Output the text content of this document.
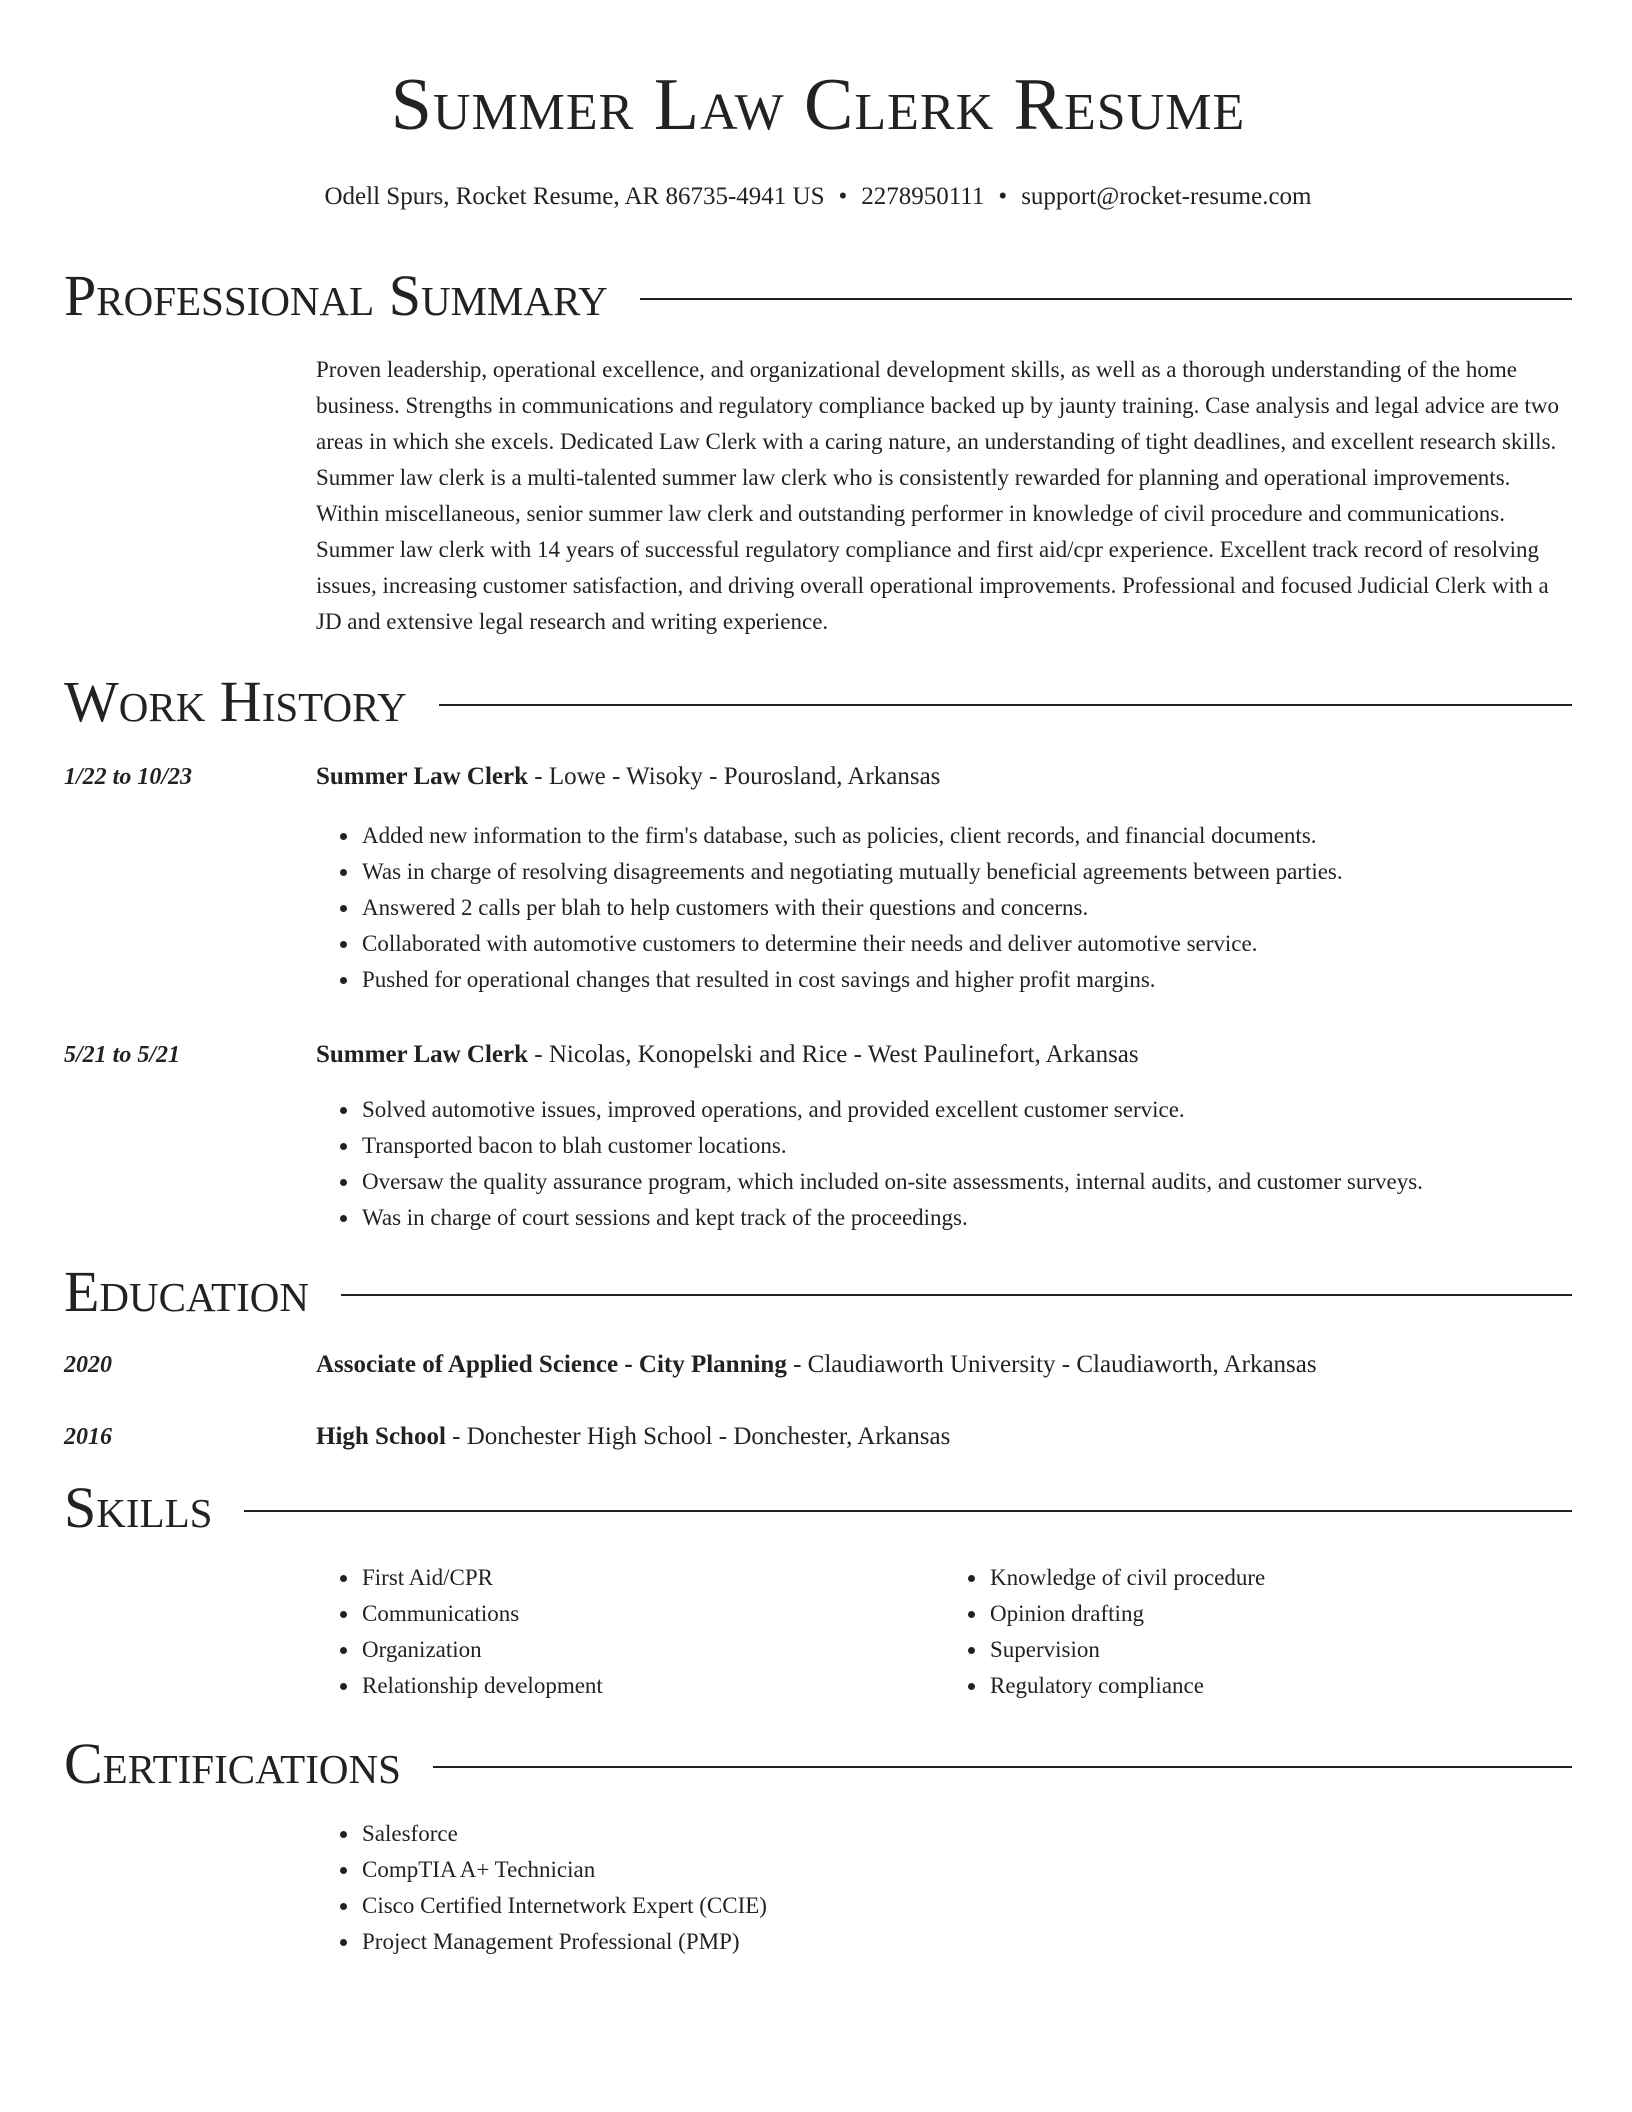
Summer Law Clerk Resume
Odell Spurs, Rocket Resume, AR 86735-4941 US • 2278950111 • support@rocket-resume.com
Professional Summary
Proven leadership, operational excellence, and organizational development skills, as well as a thorough understanding of the home business. Strengths in communications and regulatory compliance backed up by jaunty training. Case analysis and legal advice are two areas in which she excels. Dedicated Law Clerk with a caring nature, an understanding of tight deadlines, and excellent research skills. Summer law clerk is a multi-talented summer law clerk who is consistently rewarded for planning and operational improvements. Within miscellaneous, senior summer law clerk and outstanding performer in knowledge of civil procedure and communications. Summer law clerk with 14 years of successful regulatory compliance and first aid/cpr experience. Excellent track record of resolving issues, increasing customer satisfaction, and driving overall operational improvements. Professional and focused Judicial Clerk with a JD and extensive legal research and writing experience.
Work History
1/22 to 10/23	Summer Law Clerk - Lowe - Wisoky - Pourosland, Arkansas
• Added new information to the firm's database, such as policies, client records, and financial documents.
• Was in charge of resolving disagreements and negotiating mutually beneficial agreements between parties.
• Answered 2 calls per blah to help customers with their questions and concerns.
• Collaborated with automotive customers to determine their needs and deliver automotive service.
• Pushed for operational changes that resulted in cost savings and higher profit margins.
5/21 to 5/21	Summer Law Clerk - Nicolas, Konopelski and Rice - West Paulinefort, Arkansas
• Solved automotive issues, improved operations, and provided excellent customer service.
• Transported bacon to blah customer locations.
• Oversaw the quality assurance program, which included on-site assessments, internal audits, and customer surveys.
• Was in charge of court sessions and kept track of the proceedings.
Education
2020	Associate of Applied Science - City Planning - Claudiaworth University - Claudiaworth, Arkansas
2016	High School - Donchester High School - Donchester, Arkansas
Skills
• First Aid/CPR
• Communications
• Organization
• Relationship development
• Knowledge of civil procedure
• Opinion drafting
• Supervision
• Regulatory compliance
Certifications
• Salesforce
• CompTIA A+ Technician
• Cisco Certified Internetwork Expert (CCIE)
• Project Management Professional (PMP)
